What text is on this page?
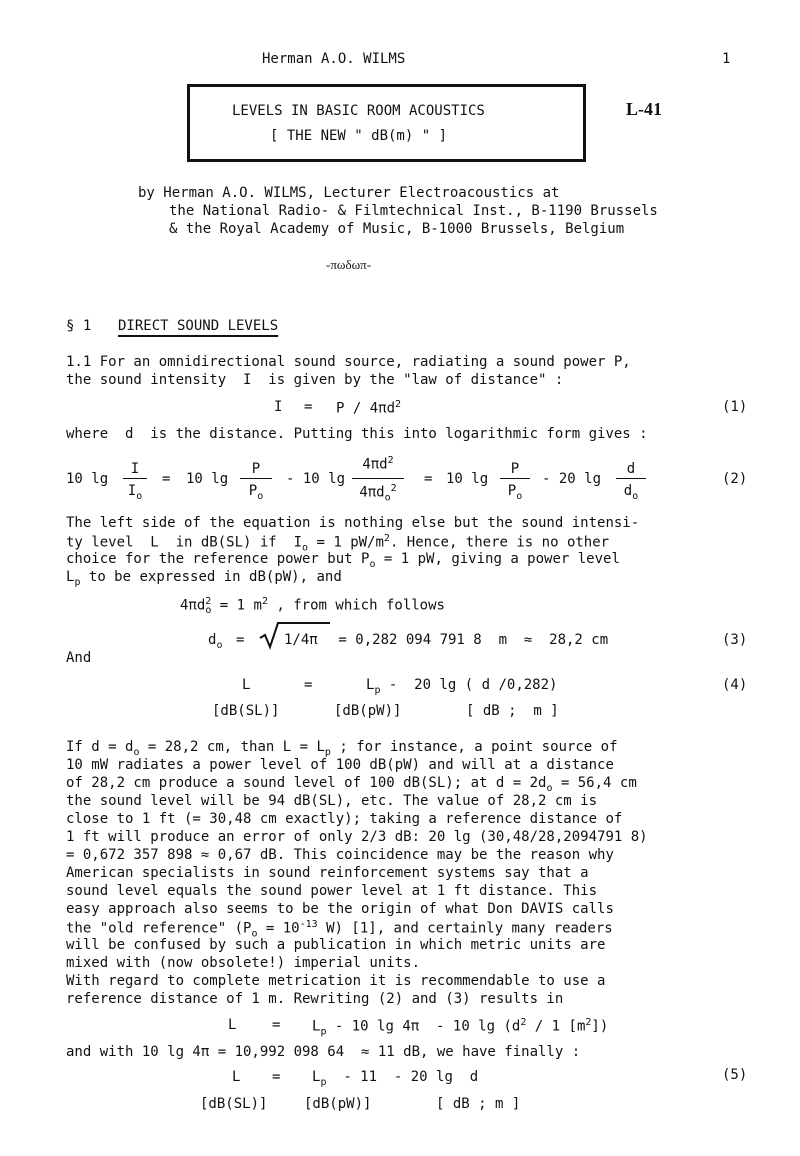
Herman A.O. WILMS	1
LEVELS IN BASIC ROOM ACOUSTICS
[ THE NEW " dB(m) " ]
L-41
by Herman A.O. WILMS, Lecturer Electroacoustics at
the National Radio- & Filmtechnical Inst., B-1190 Brussels
& the Royal Academy of Music, B-1000 Brussels, Belgium
-πωδωπ-
§ 1 DIRECT SOUND LEVELS
1.1 For an omnidirectional sound source, radiating a sound power P,
the sound intensity  I  is given by the "law of distance" :
$I = P / 4\pi d^2$	(1)
where  d  is the distance. Putting this into logarithmic form gives :
10 lg
I
$I_o$
= 10 lg
P
$P_o$
- 10 lg
$4\pi d^2$
$4\pi d_o^2$
= 10 lg
P
$P_o$
- 20 lg
d
$d_o$
(2)
The left side of the equation is nothing else but the sound intensi-
ty level  L  in dB(SL) if  $I_o = 1$ $pW/m^2$. Hence, there is no other
choice for the reference power but $P_o = 1$ pW, giving a power level
$L_p$ to be expressed in dB(pW), and
$4\pi d^2_o = 1$ $m^2$ , from which follows
$d_o$ =	1/4π = 0,282 094 791 8  m  ≈  28,2 cm	(3)
And
L	=	$L_p - 20$ lg ( d /0,282)	(4)
[dB(SL)]	[dB(pW)]	[ dB ;  m ]
If $d = d_o = 28,2$ cm, than $L = L_p$ ; for instance, a point source of
10 mW radiates a power level of 100 dB(pW) and will at a distance
of 28,2 cm produce a sound level of 100 dB(SL); at $d = 2d_o = 56,4$ cm
the sound level will be 94 dB(SL), etc. The value of 28,2 cm is
close to 1 ft (= 30,48 cm exactly); taking a reference distance of
1 ft will produce an error of only 2/3 dB: 20 lg (30,48/28,2094791 8)
= 0,672 357 898 ≈ 0,67 dB. This coincidence may be the reason why
American specialists in sound reinforcement systems say that a
sound level equals the sound power level at 1 ft distance. This
easy approach also seems to be the origin of what Don DAVIS calls
the "old reference" ($P_o = 10^{-13}$ W) [1], and certainly many readers
will be confused by such a publication in which metric units are
mixed with (now obsolete!) imperial units.
With regard to complete metrication it is recommendable to use a
reference distance of 1 m. Rewriting (2) and (3) results in
L	= $L_p - 10$ lg 4π  - 10 $\lg (d^2 / 1$ $[m^2]$)
and with 10 lg 4π = 10,992 098 64  ≈ 11 dB, we have finally :
$L = L_p - 11 - 20$ lg  d	(5)
[dB(SL)]	[dB(pW)]	[ dB ; m ]
